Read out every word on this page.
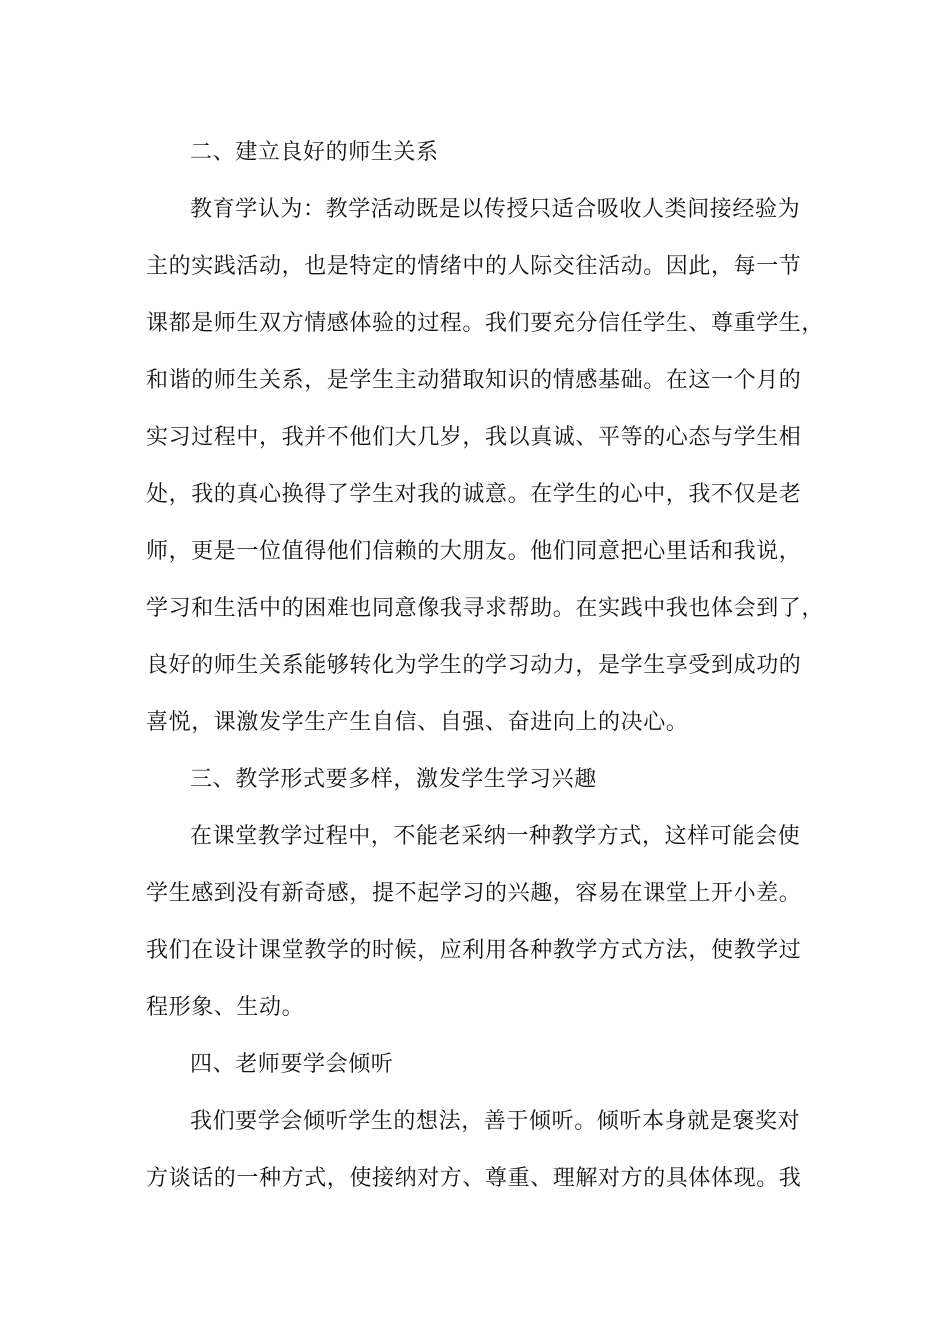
二、建立良好的师生关系
教育学认为：教学活动既是以传授只适合吸收人类间接经验为
主的实践活动，也是特定的情绪中的人际交往活动。因此，每一节
课都是师生双方情感体验的过程。我们要充分信任学生、尊重学生，
和谐的师生关系，是学生主动猎取知识的情感基础。在这一个月的
实习过程中，我并不他们大几岁，我以真诚、平等的心态与学生相
处，我的真心换得了学生对我的诚意。在学生的心中，我不仅是老
师，更是一位值得他们信赖的大朋友。他们同意把心里话和我说，
学习和生活中的困难也同意像我寻求帮助。在实践中我也体会到了，
良好的师生关系能够转化为学生的学习动力，是学生享受到成功的
喜悦，课激发学生产生自信、自强、奋进向上的决心。
三、教学形式要多样，激发学生学习兴趣
在课堂教学过程中，不能老采纳一种教学方式，这样可能会使
学生感到没有新奇感，提不起学习的兴趣，容易在课堂上开小差。
我们在设计课堂教学的时候，应利用各种教学方式方法，使教学过
程形象、生动。
四、老师要学会倾听
我们要学会倾听学生的想法，善于倾听。倾听本身就是褒奖对
方谈话的一种方式，使接纳对方、尊重、理解对方的具体体现。我
